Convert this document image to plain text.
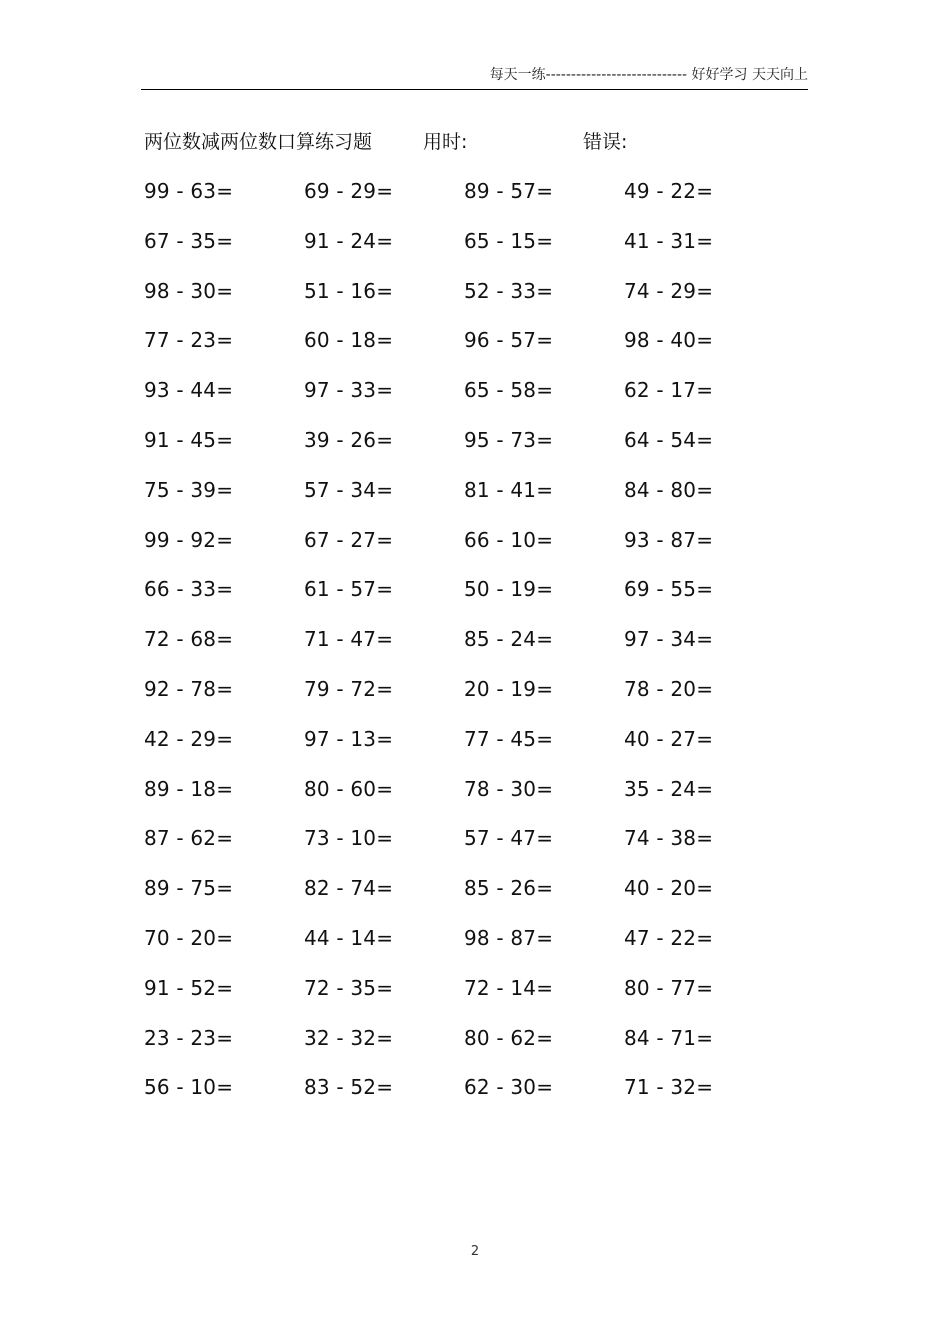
每天一练---------------------------- 好好学习 天天向上
两位数减两位数口算练习题	用时:	错误:
99 - 63=	69 - 29=	89 - 57=	49 - 22=
67 - 35=	91 - 24=	65 - 15=	41 - 31=
98 - 30=	51 - 16=	52 - 33=	74 - 29=
77 - 23=	60 - 18=	96 - 57=	98 - 40=
93 - 44=	97 - 33=	65 - 58=	62 - 17=
91 - 45=	39 - 26=	95 - 73=	64 - 54=
75 - 39=	57 - 34=	81 - 41=	84 - 80=
99 - 92=	67 - 27=	66 - 10=	93 - 87=
66 - 33=	61 - 57=	50 - 19=	69 - 55=
72 - 68=	71 - 47=	85 - 24=	97 - 34=
92 - 78=	79 - 72=	20 - 19=	78 - 20=
42 - 29=	97 - 13=	77 - 45=	40 - 27=
89 - 18=	80 - 60=	78 - 30=	35 - 24=
87 - 62=	73 - 10=	57 - 47=	74 - 38=
89 - 75=	82 - 74=	85 - 26=	40 - 20=
70 - 20=	44 - 14=	98 - 87=	47 - 22=
91 - 52=	72 - 35=	72 - 14=	80 - 77=
23 - 23=	32 - 32=	80 - 62=	84 - 71=
56 - 10=	83 - 52=	62 - 30=	71 - 32=
2
